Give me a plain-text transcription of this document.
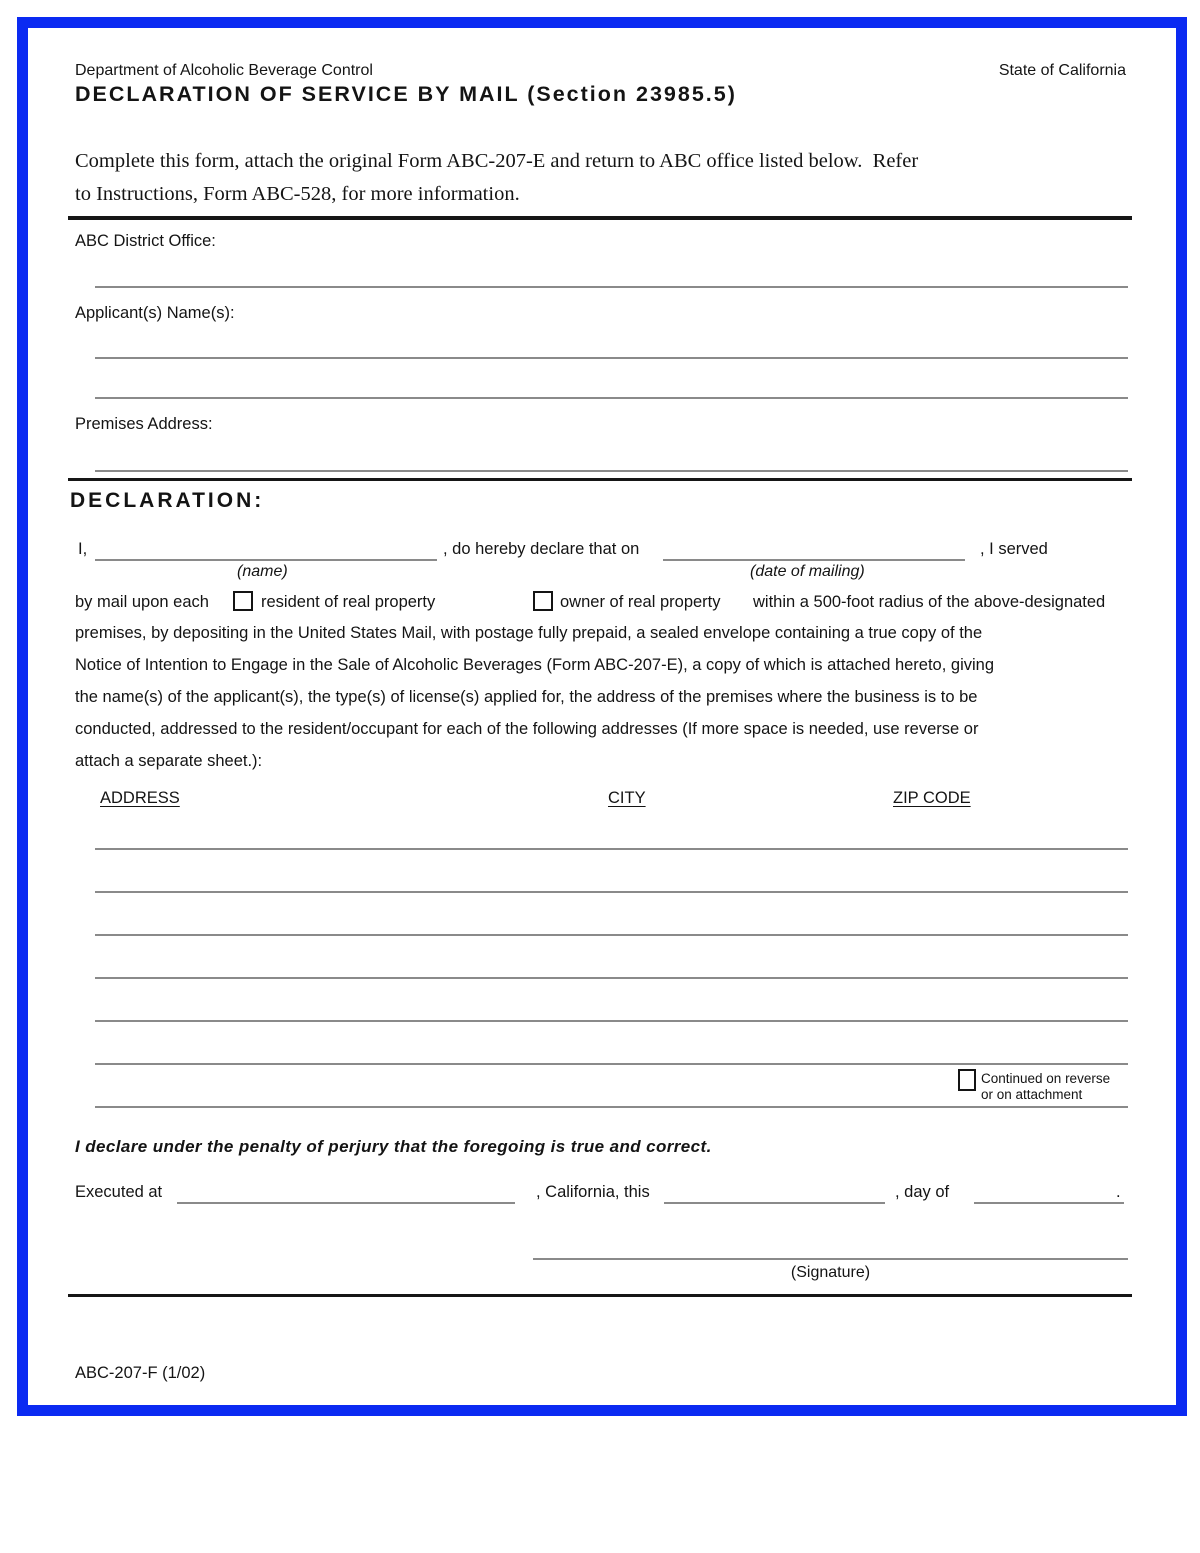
Department of Alcoholic Beverage Control	State of California
DECLARATION OF SERVICE BY MAIL (Section 23985.5)
Complete this form, attach the original Form ABC-207-E and return to ABC office listed below.  Refer
to Instructions, Form ABC-528, for more information.
ABC District Office:
Applicant(s) Name(s):
Premises Address:
DECLARATION:
I,	, do hereby declare that on	, I served
(name)	(date of mailing)
by mail upon each	resident of real property	owner of real property within a 500-foot radius of the above-designated
premises, by depositing in the United States Mail, with postage fully prepaid, a sealed envelope containing a true copy of the
Notice of Intention to Engage in the Sale of Alcoholic Beverages (Form ABC-207-E), a copy of which is attached hereto, giving
the name(s) of the applicant(s), the type(s) of license(s) applied for, the address of the premises where the business is to be
conducted, addressed to the resident/occupant for each of the following addresses (If more space is needed, use reverse or
attach a separate sheet.):
ADDRESS	CITY	ZIP CODE
Continued on reverse
or on attachment
I declare under the penalty of perjury that the foregoing is true and correct.
Executed at	, California, this	, day of	.
(Signature)
ABC-207-F (1/02)
